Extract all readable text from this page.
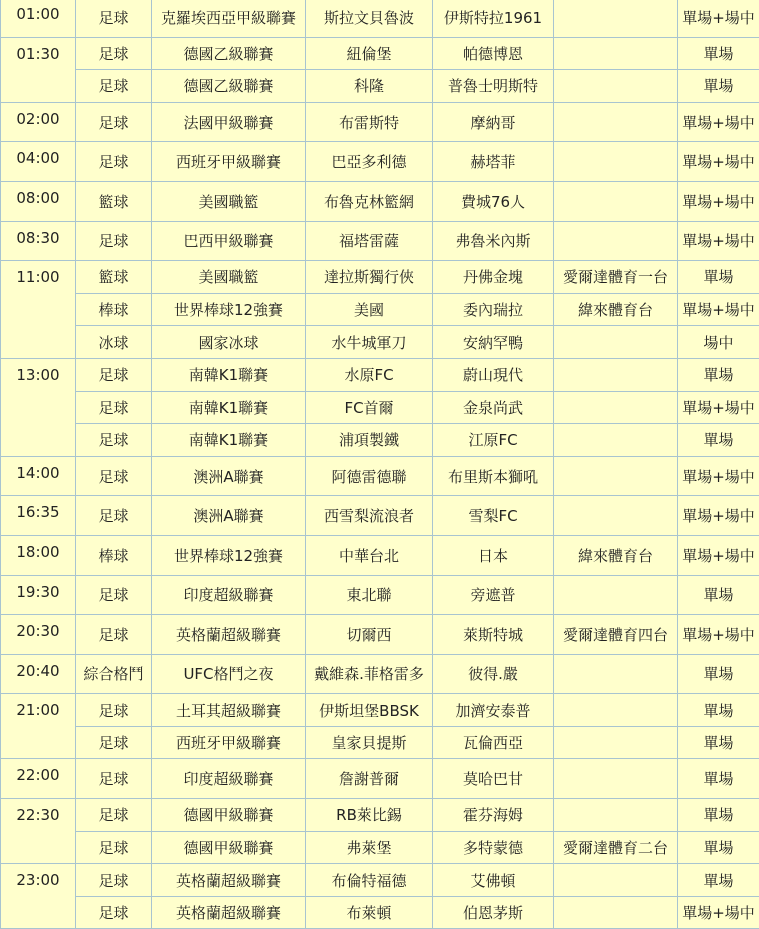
01:00	足球	克羅埃西亞甲級聯賽	斯拉文貝魯波	伊斯特拉1961		單場+場中
01:30	足球	德國乙級聯賽	紐倫堡	帕德博恩		單場
	足球	德國乙級聯賽	科隆	普魯士明斯特		單場
02:00	足球	法國甲級聯賽	布雷斯特	摩納哥		單場+場中
04:00	足球	西班牙甲級聯賽	巴亞多利德	赫塔菲		單場+場中
08:00	籃球	美國職籃	布魯克林籃網	費城76人		單場+場中
08:30	足球	巴西甲級聯賽	福塔雷薩	弗魯米內斯		單場+場中
11:00	籃球	美國職籃	達拉斯獨行俠	丹佛金塊	愛爾達體育一台	單場
	棒球	世界棒球12強賽	美國	委內瑞拉	緯來體育台	單場+場中
	冰球	國家冰球	水牛城軍刀	安納罕鴨		場中
13:00	足球	南韓K1聯賽	水原FC	蔚山現代		單場
	足球	南韓K1聯賽	FC首爾	金泉尚武		單場+場中
	足球	南韓K1聯賽	浦項製鐵	江原FC		單場
14:00	足球	澳洲A聯賽	阿德雷德聯	布里斯本獅吼		單場+場中
16:35	足球	澳洲A聯賽	西雪梨流浪者	雪梨FC		單場+場中
18:00	棒球	世界棒球12強賽	中華台北	日本	緯來體育台	單場+場中
19:30	足球	印度超級聯賽	東北聯	旁遮普		單場
20:30	足球	英格蘭超級聯賽	切爾西	萊斯特城	愛爾達體育四台	單場+場中
20:40	綜合格鬥	UFC格鬥之夜	戴維森.菲格雷多	彼得.嚴		單場
21:00	足球	土耳其超級聯賽	伊斯坦堡BBSK	加濟安泰普		單場
	足球	西班牙甲級聯賽	皇家貝提斯	瓦倫西亞		單場
22:00	足球	印度超級聯賽	詹謝普爾	莫哈巴甘		單場
22:30	足球	德國甲級聯賽	RB萊比錫	霍芬海姆		單場
	足球	德國甲級聯賽	弗萊堡	多特蒙德	愛爾達體育二台	單場
23:00	足球	英格蘭超級聯賽	布倫特福德	艾佛頓		單場
	足球	英格蘭超級聯賽	布萊頓	伯恩茅斯		單場+場中
